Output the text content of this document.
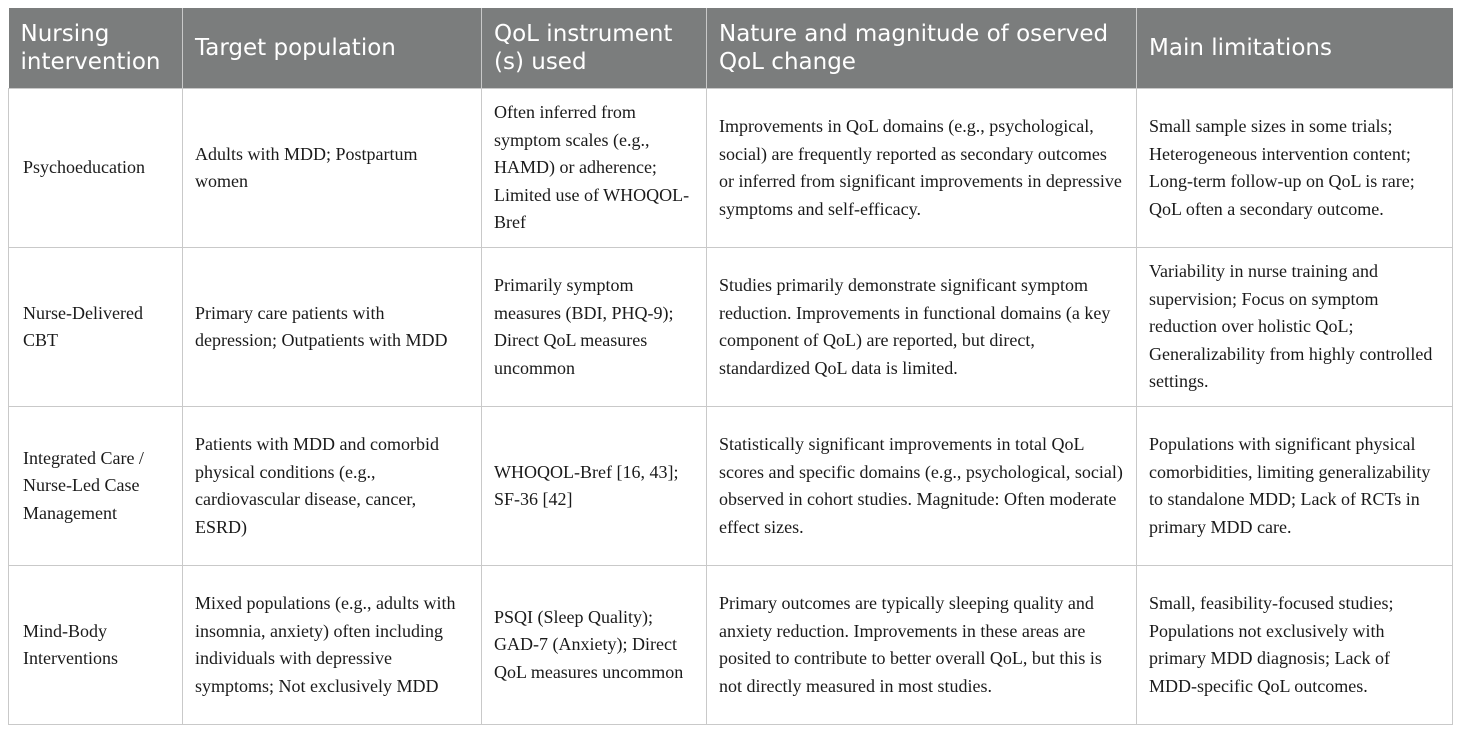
Nursing intervention	Target population	QoL instrument (s) used	Nature and magnitude of oserved QoL change	Main limitations
Psychoeducation	Adults with MDD; Postpartum women	Often inferred from symptom scales (e.g., HAMD) or adherence; Limited use of WHOQOL-Bref	Improvements in QoL domains (e.g., psychological, social) are frequently reported as secondary outcomes or inferred from significant improvements in depressive symptoms and self-efficacy.	Small sample sizes in some trials; Heterogeneous intervention content; Long-term follow-up on QoL is rare; QoL often a secondary outcome.
Nurse-Delivered CBT	Primary care patients with depression; Outpatients with MDD	Primarily symptom measures (BDI, PHQ-9); Direct QoL measures uncommon	Studies primarily demonstrate significant symptom reduction. Improvements in functional domains (a key component of QoL) are reported, but direct, standardized QoL data is limited.	Variability in nurse training and supervision; Focus on symptom reduction over holistic QoL; Generalizability from highly controlled settings.
Integrated Care / Nurse-Led Case Management	Patients with MDD and comorbid physical conditions (e.g., cardiovascular disease, cancer, ESRD)	WHOQOL-Bref [16, 43]; SF-36 [42]	Statistically significant improvements in total QoL scores and specific domains (e.g., psychological, social) observed in cohort studies. Magnitude: Often moderate effect sizes.	Populations with significant physical comorbidities, limiting generalizability to standalone MDD; Lack of RCTs in primary MDD care.
Mind-Body Interventions	Mixed populations (e.g., adults with insomnia, anxiety) often including individuals with depressive symptoms; Not exclusively MDD	PSQI (Sleep Quality); GAD-7 (Anxiety); Direct QoL measures uncommon	Primary outcomes are typically sleeping quality and anxiety reduction. Improvements in these areas are posited to contribute to better overall QoL, but this is not directly measured in most studies.	Small, feasibility-focused studies; Populations not exclusively with primary MDD diagnosis; Lack of MDD-specific QoL outcomes.
